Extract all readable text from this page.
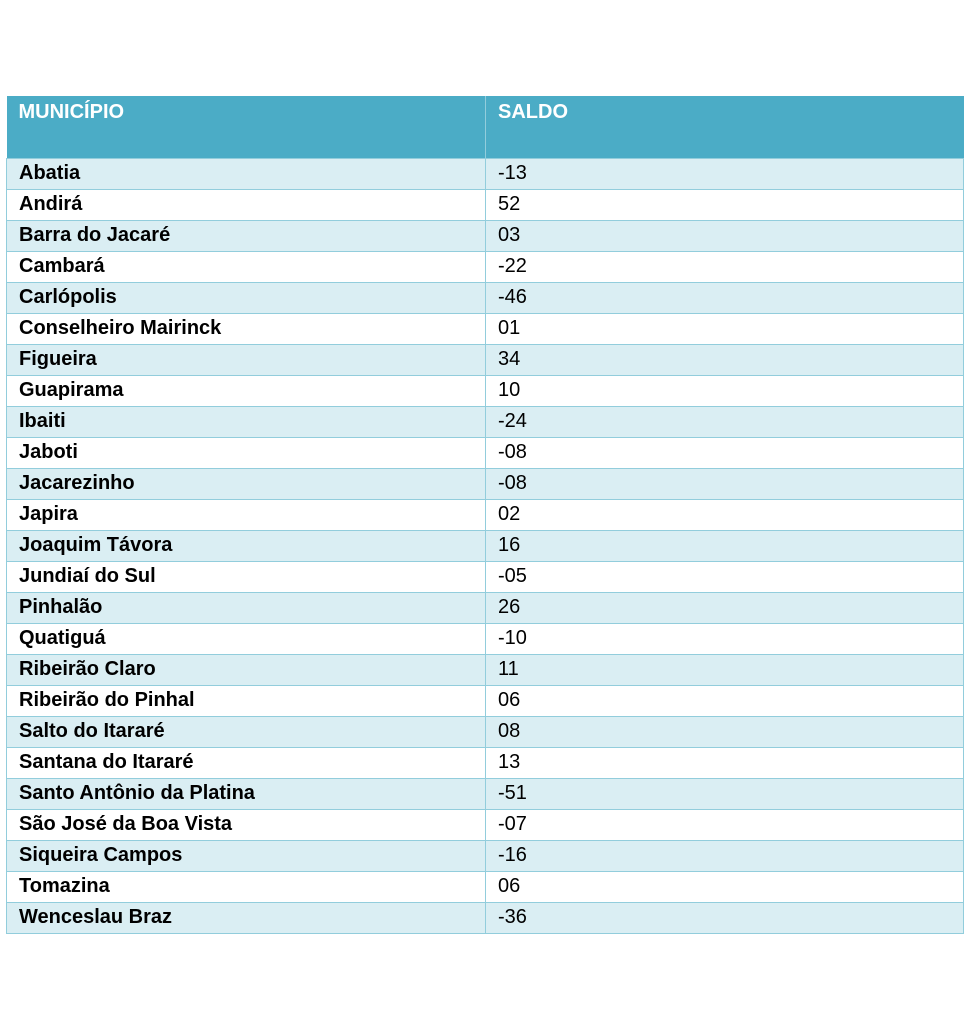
MUNICÍPIO	SALDO
Abatia	-13
Andirá	52
Barra do Jacaré	03
Cambará	-22
Carlópolis	-46
Conselheiro Mairinck	01
Figueira	34
Guapirama	10
Ibaiti	-24
Jaboti	-08
Jacarezinho	-08
Japira	02
Joaquim Távora	16
Jundiaí do Sul	-05
Pinhalão	26
Quatiguá	-10
Ribeirão Claro	11
Ribeirão do Pinhal	06
Salto do Itararé	08
Santana do Itararé	13
Santo Antônio da Platina	-51
São José da Boa Vista	-07
Siqueira Campos	-16
Tomazina	06
Wenceslau Braz	-36
